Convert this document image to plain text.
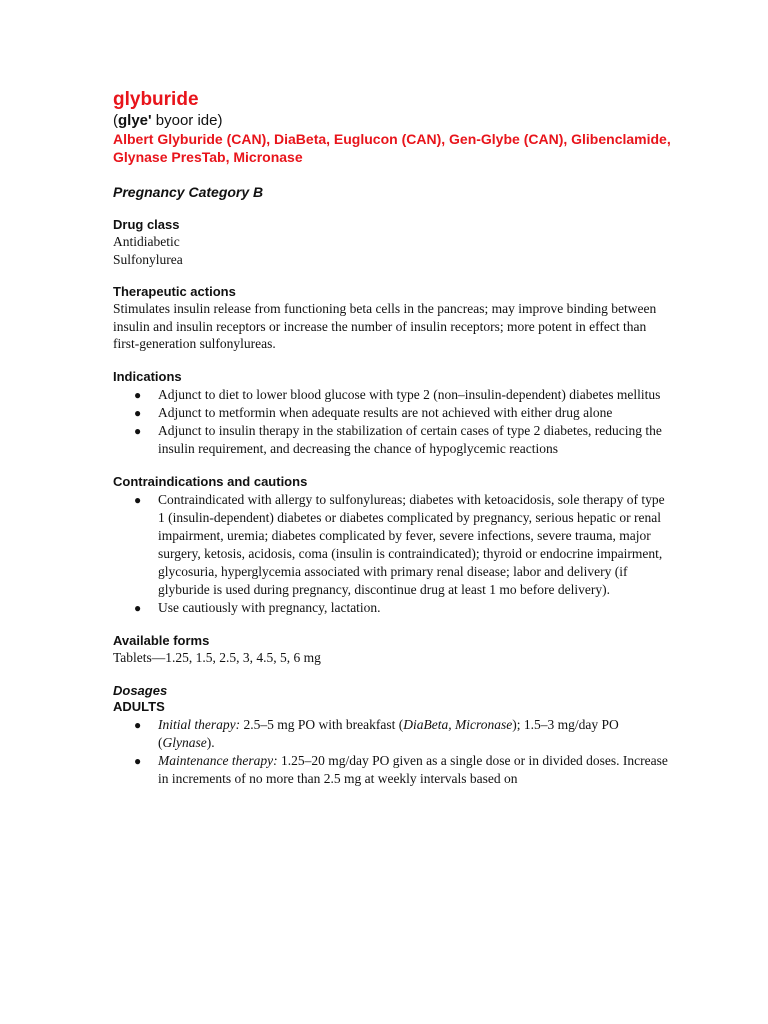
glyburide

(glye' byoor ide)

Albert Glyburide (CAN), DiaBeta, Euglucon (CAN), Gen-Glybe (CAN), Glibenclamide, Glynase PresTab, Micronase

Pregnancy Category B

Drug class

Antidiabetic

Sulfonylurea

Therapeutic actions

Stimulates insulin release from functioning beta cells in the pancreas; may improve binding between insulin and insulin receptors or increase the number of insulin receptors; more potent in effect than first-generation sulfonylureas.

Indications

● Adjunct to diet to lower blood glucose with type 2 (non–insulin-dependent) diabetes mellitus
● Adjunct to metformin when adequate results are not achieved with either drug alone
● Adjunct to insulin therapy in the stabilization of certain cases of type 2 diabetes, reducing the insulin requirement, and decreasing the chance of hypoglycemic reactions

Contraindications and cautions

● Contraindicated with allergy to sulfonylureas; diabetes with ketoacidosis, sole therapy of type 1 (insulin-dependent) diabetes or diabetes complicated by pregnancy, serious hepatic or renal impairment, uremia; diabetes complicated by fever, severe infections, severe trauma, major surgery, ketosis, acidosis, coma (insulin is contraindicated); thyroid or endocrine impairment, glycosuria, hyperglycemia associated with primary renal disease; labor and delivery (if glyburide is used during pregnancy, discontinue drug at least 1 mo before delivery).
● Use cautiously with pregnancy, lactation.

Available forms

Tablets—1.25, 1.5, 2.5, 3, 4.5, 5, 6 mg

Dosages

ADULTS

● Initial therapy: 2.5–5 mg PO with breakfast (DiaBeta, Micronase); 1.5–3 mg/day PO (Glynase).
● Maintenance therapy: 1.25–20 mg/day PO given as a single dose or in divided doses. Increase in increments of no more than 2.5 mg at weekly intervals based on
